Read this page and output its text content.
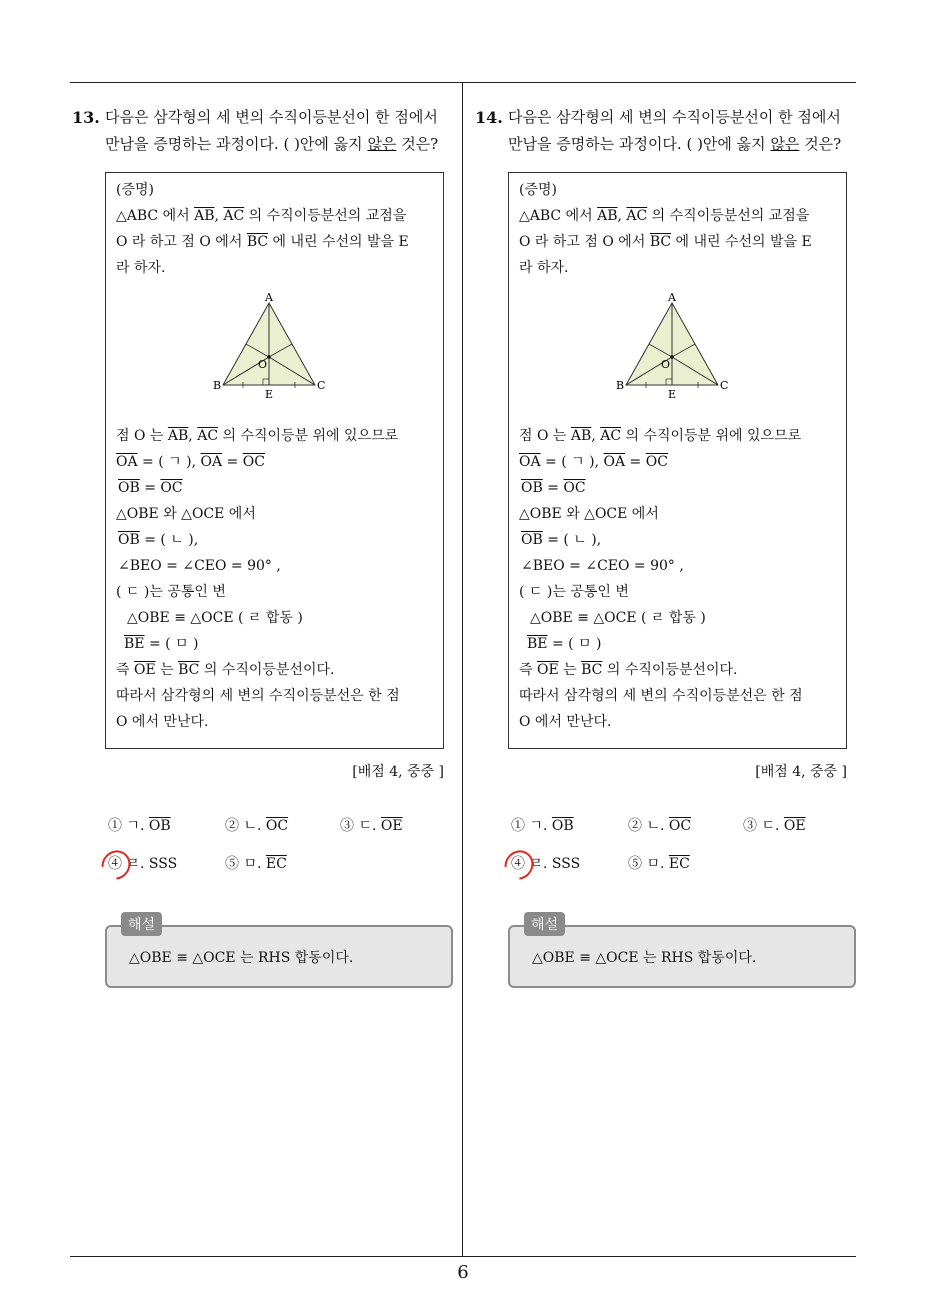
13. 다음은 삼각형의 세 변의 수직이등분선이 한 점에서
만남을 증명하는 과정이다. ( )안에 옳지 않은 것은?
(증명)
△ABC 에서 $\overline{AB}$, $\overline{AC}$ 의 수직이등분선의 교점을
O 라 하고 점 O 에서 $\overline{BC}$ 에 내린 수선의 발을 E
라 하자.
A
B	C
O
E
점 O 는 $\overline{AB}$, $\overline{AC}$ 의 수직이등분 위에 있으므로
$\overline{OA}$ = ( ㄱ ), $\overline{OA} = \overline{OC}$
$\overline{OB} = \overline{OC}$
△OBE 와 △OCE 에서
$\overline{OB}$ = ( ㄴ ),
∠BEO = ∠CEO = 90° ,
( ㄷ )는 공통인 변
△OBE ≡ △OCE ( ㄹ 합동 )
$\overline{BE}$ = ( ㅁ )
즉 $\overline{OE}$ 는 $\overline{BC}$ 의 수직이등분선이다.
따라서 삼각형의 세 변의 수직이등분선은 한 점
O 에서 만난다.
[배점 4, 중중 ]
① ㄱ. $\overline{OB}$	② ㄴ. $\overline{OC}$	③ ㄷ. $\overline{OE}$
④ ㄹ. SSS	⑤ ㅁ. $\overline{EC}$
해설
△OBE ≡ △OCE 는 RHS 합동이다.
14. 다음은 삼각형의 세 변의 수직이등분선이 한 점에서
만남을 증명하는 과정이다. ( )안에 옳지 않은 것은?
(증명)
△ABC 에서 $\overline{AB}$, $\overline{AC}$ 의 수직이등분선의 교점을
O 라 하고 점 O 에서 $\overline{BC}$ 에 내린 수선의 발을 E
라 하자.
A
B	C
O
E
점 O 는 $\overline{AB}$, $\overline{AC}$ 의 수직이등분 위에 있으므로
$\overline{OA}$ = ( ㄱ ), $\overline{OA} = \overline{OC}$
$\overline{OB} = \overline{OC}$
△OBE 와 △OCE 에서
$\overline{OB}$ = ( ㄴ ),
∠BEO = ∠CEO = 90° ,
( ㄷ )는 공통인 변
△OBE ≡ △OCE ( ㄹ 합동 )
$\overline{BE}$ = ( ㅁ )
즉 $\overline{OE}$ 는 $\overline{BC}$ 의 수직이등분선이다.
따라서 삼각형의 세 변의 수직이등분선은 한 점
O 에서 만난다.
[배점 4, 중중 ]
① ㄱ. $\overline{OB}$	② ㄴ. $\overline{OC}$	③ ㄷ. $\overline{OE}$
④ ㄹ. SSS	⑤ ㅁ. $\overline{EC}$
해설
△OBE ≡ △OCE 는 RHS 합동이다.
6
